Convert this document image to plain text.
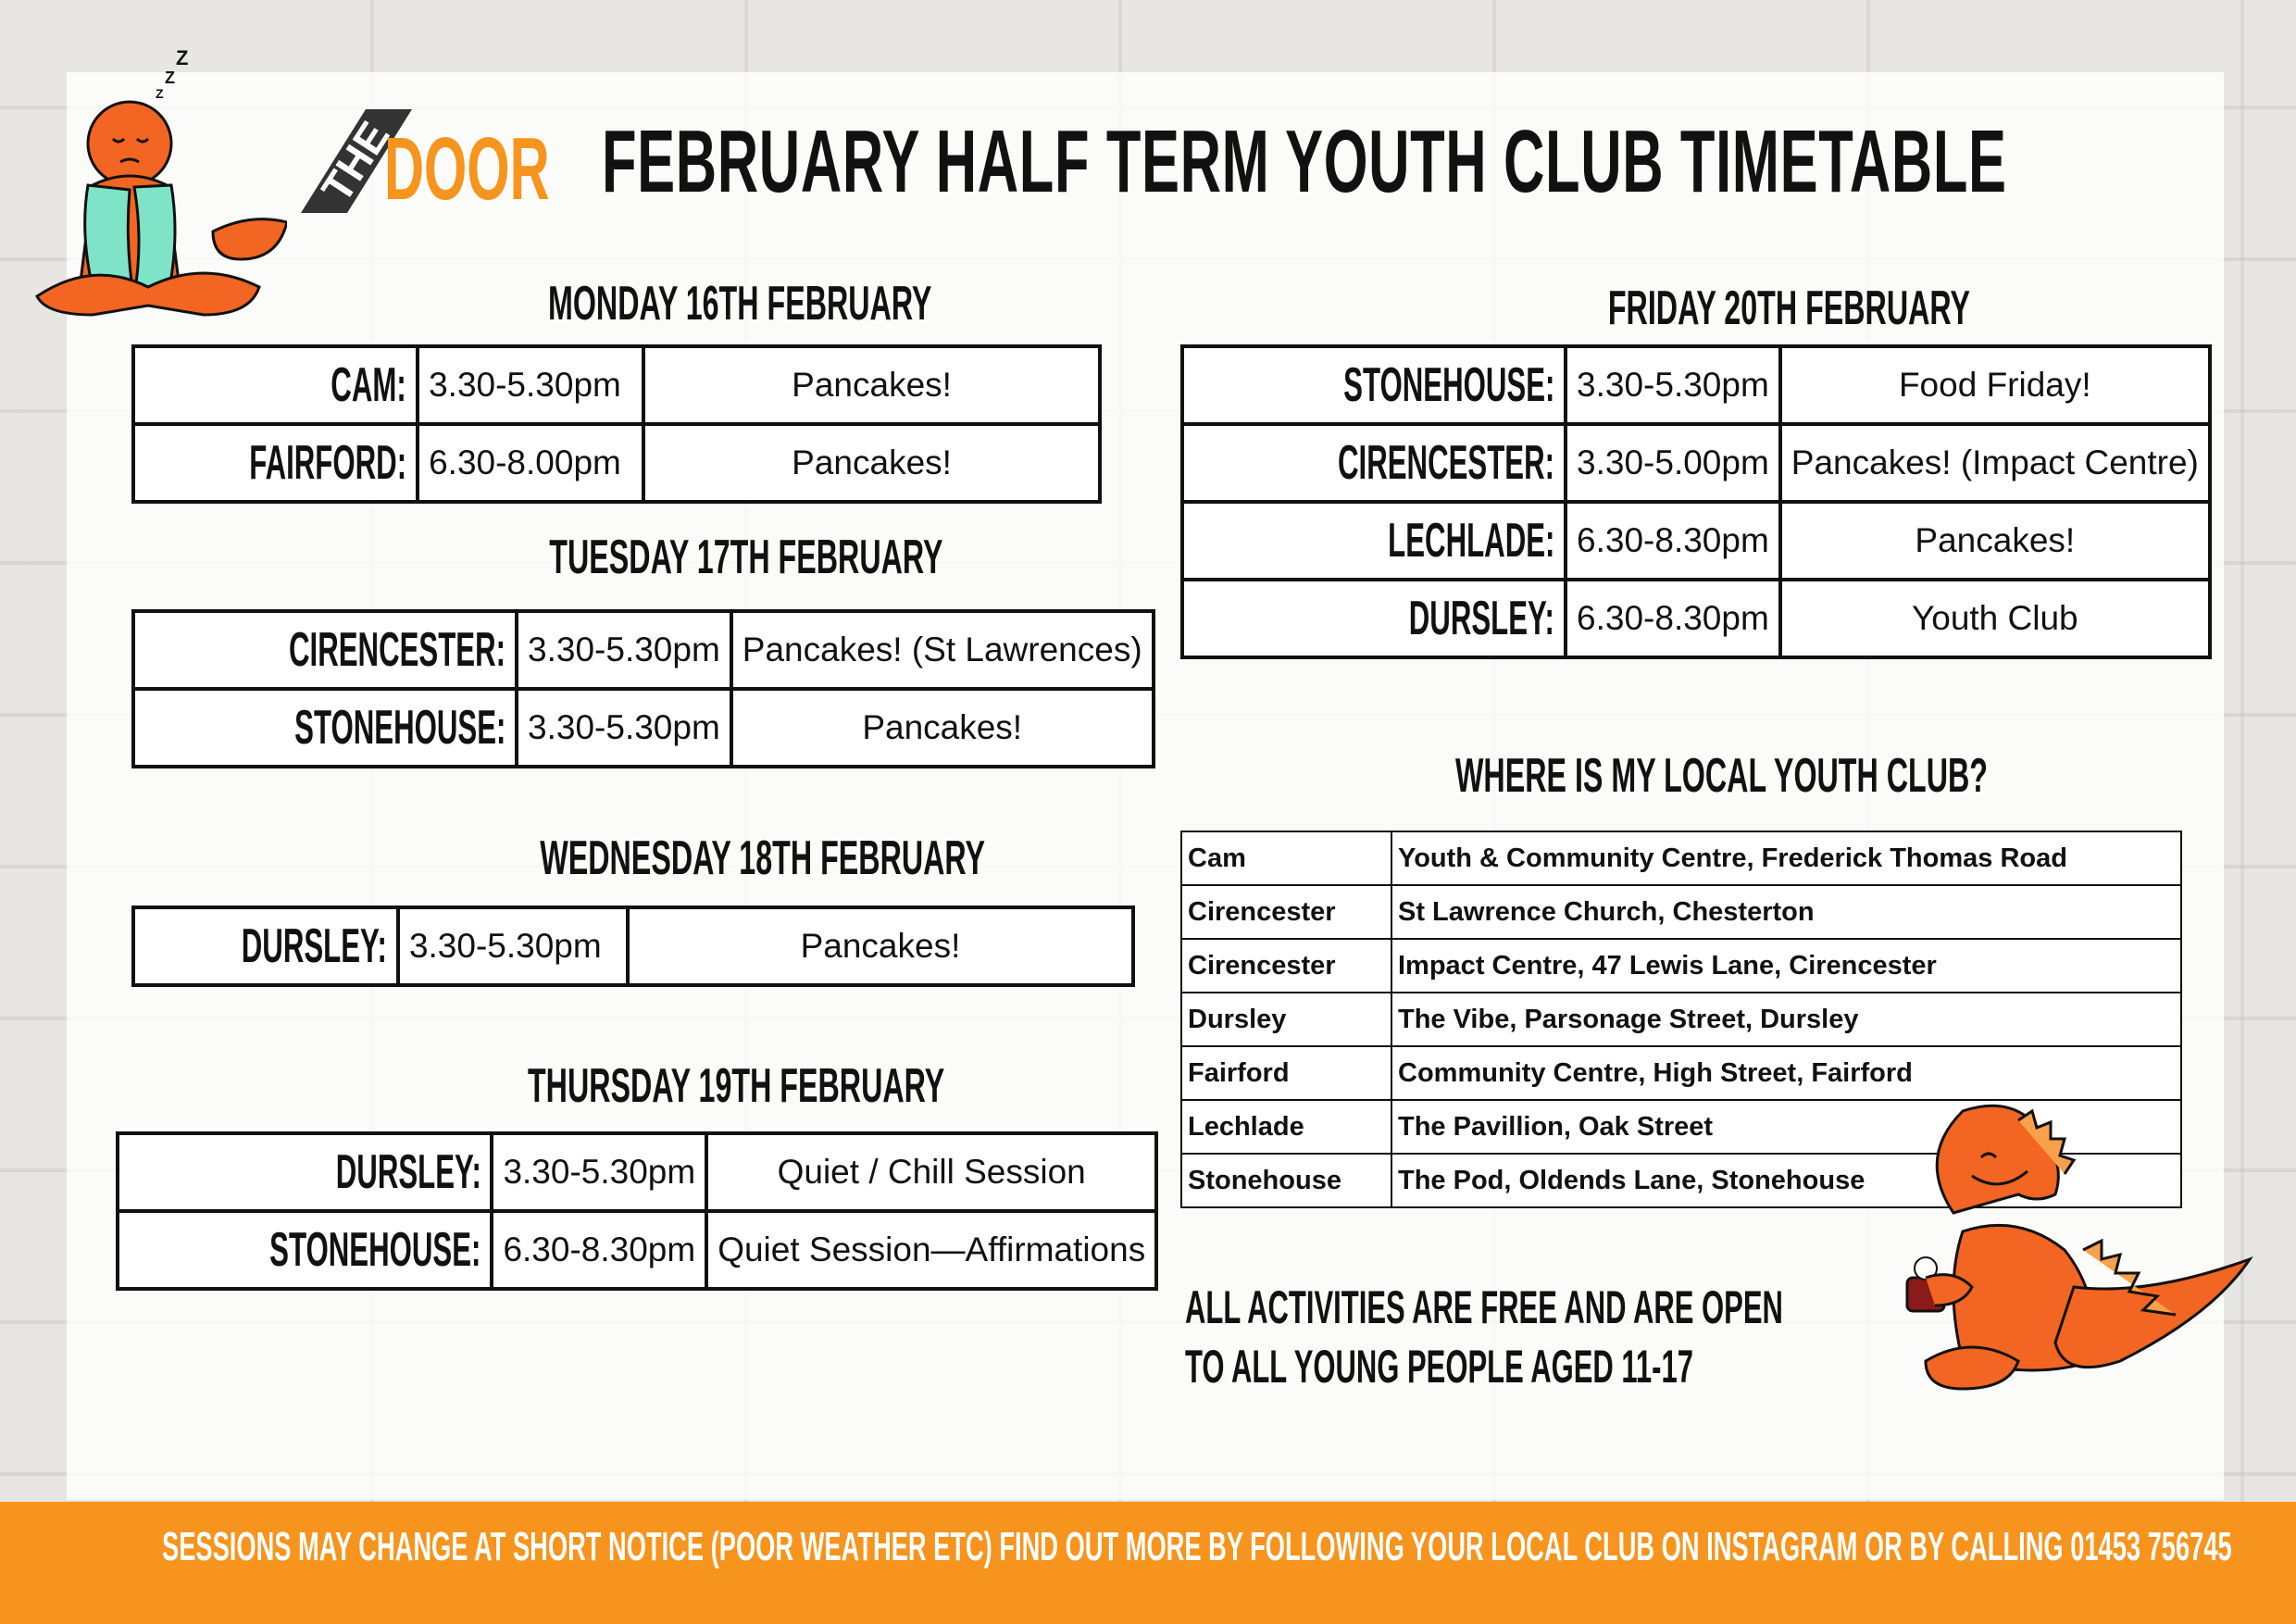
Z
Z
Z
THE
DOOR FEBRUARY HALF TERM YOUTH CLUB TIMETABLE
MONDAY 16TH FEBRUARY
CAM:	3.30-5.30pm	Pancakes!
FAIRFORD:	6.30-8.00pm	Pancakes!
TUESDAY 17TH FEBRUARY
CIRENCESTER:	3.30-5.30pm	Pancakes! (St Lawrences)
STONEHOUSE:	3.30-5.30pm	Pancakes!
WEDNESDAY 18TH FEBRUARY
DURSLEY:	3.30-5.30pm	Pancakes!
THURSDAY 19TH FEBRUARY
DURSLEY:	3.30-5.30pm	Quiet / Chill Session
STONEHOUSE:	6.30-8.30pm	Quiet Session—Affirmations
FRIDAY 20TH FEBRUARY
STONEHOUSE:	3.30-5.30pm	Food Friday!
CIRENCESTER:	3.30-5.00pm	Pancakes! (Impact Centre)
LECHLADE:	6.30-8.30pm	Pancakes!
DURSLEY:	6.30-8.30pm	Youth Club
WHERE IS MY LOCAL YOUTH CLUB?
Cam	Youth & Community Centre, Frederick Thomas Road
Cirencester	St Lawrence Church, Chesterton
Cirencester	Impact Centre, 47 Lewis Lane, Cirencester
Dursley	The Vibe, Parsonage Street, Dursley
Fairford	Community Centre, High Street, Fairford
Lechlade	The Pavillion, Oak Street
Stonehouse	The Pod, Oldends Lane, Stonehouse
ALL ACTIVITIES ARE FREE AND ARE OPEN
TO ALL YOUNG PEOPLE AGED 11-17
SESSIONS MAY CHANGE AT SHORT NOTICE (POOR WEATHER ETC) FIND OUT MORE BY FOLLOWING YOUR LOCAL CLUB ON INSTAGRAM OR BY CALLING 01453 756745
